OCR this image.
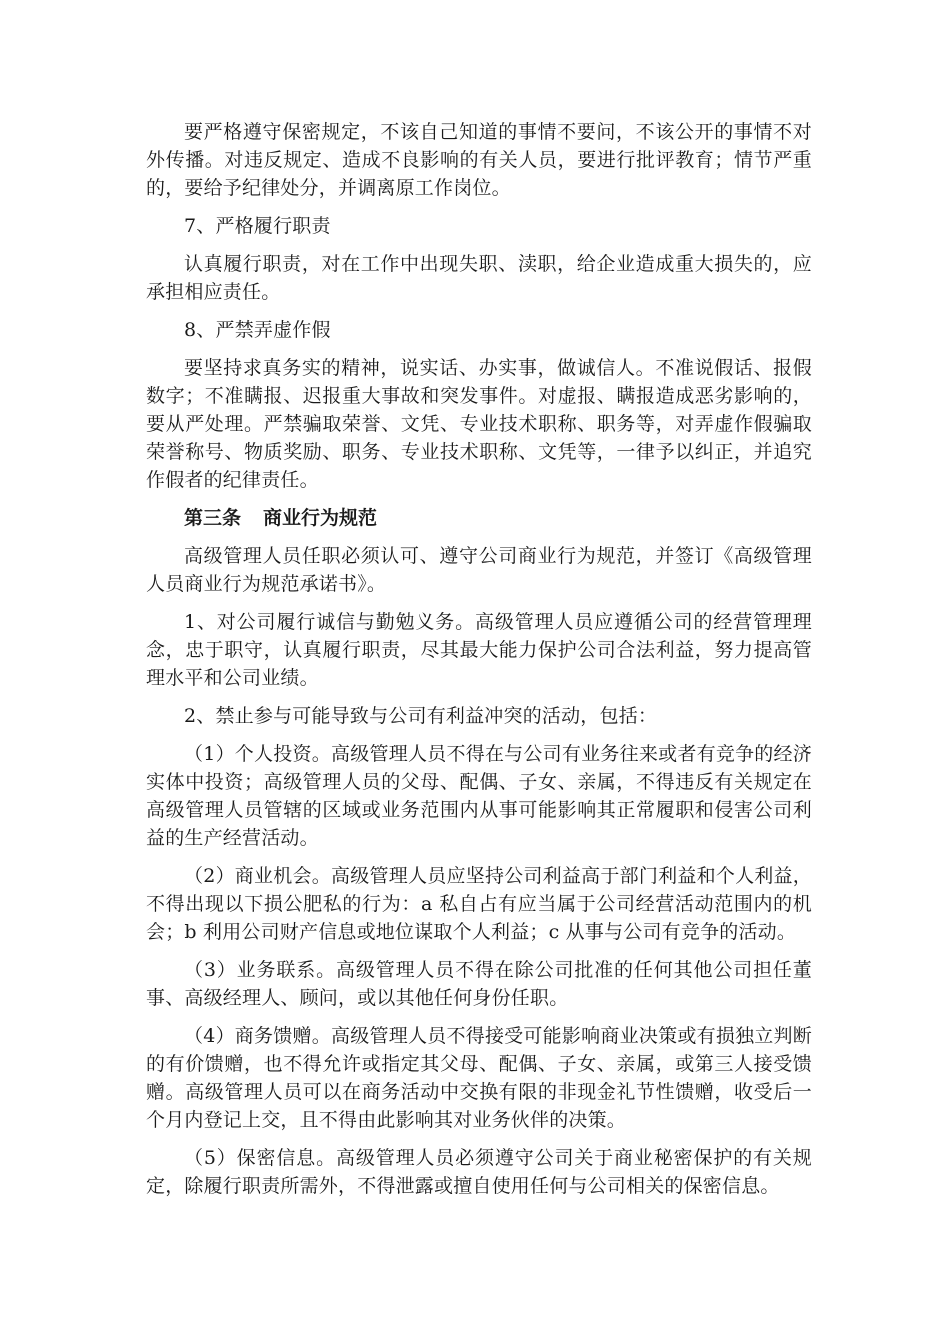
要严格遵守保密规定，不该自己知道的事情不要问，不该公开的事情不对外传播。对违反规定、造成不良影响的有关人员，要进行批评教育；情节严重的，要给予纪律处分，并调离原工作岗位。

7、严格履行职责

认真履行职责，对在工作中出现失职、渎职，给企业造成重大损失的，应承担相应责任。

8、严禁弄虚作假

要坚持求真务实的精神，说实话、办实事，做诚信人。不准说假话、报假数字；不准瞒报、迟报重大事故和突发事件。对虚报、瞒报造成恶劣影响的，要从严处理。严禁骗取荣誉、文凭、专业技术职称、职务等，对弄虚作假骗取荣誉称号、物质奖励、职务、专业技术职称、文凭等，一律予以纠正，并追究作假者的纪律责任。

第三条 商业行为规范

高级管理人员任职必须认可、遵守公司商业行为规范，并签订《高级管理人员商业行为规范承诺书》。

1、对公司履行诚信与勤勉义务。高级管理人员应遵循公司的经营管理理念，忠于职守，认真履行职责，尽其最大能力保护公司合法利益，努力提高管理水平和公司业绩。

2、禁止参与可能导致与公司有利益冲突的活动，包括：

（1）个人投资。高级管理人员不得在与公司有业务往来或者有竞争的经济实体中投资；高级管理人员的父母、配偶、子女、亲属，不得违反有关规定在高级管理人员管辖的区域或业务范围内从事可能影响其正常履职和侵害公司利益的生产经营活动。

（2）商业机会。高级管理人员应坚持公司利益高于部门利益和个人利益，不得出现以下损公肥私的行为：a 私自占有应当属于公司经营活动范围内的机会；b 利用公司财产信息或地位谋取个人利益；c 从事与公司有竞争的活动。

（3）业务联系。高级管理人员不得在除公司批准的任何其他公司担任董事、高级经理人、顾问，或以其他任何身份任职。

（4）商务馈赠。高级管理人员不得接受可能影响商业决策或有损独立判断的有价馈赠，也不得允许或指定其父母、配偶、子女、亲属，或第三人接受馈赠。高级管理人员可以在商务活动中交换有限的非现金礼节性馈赠，收受后一个月内登记上交，且不得由此影响其对业务伙伴的决策。

（5）保密信息。高级管理人员必须遵守公司关于商业秘密保护的有关规定，除履行职责所需外，不得泄露或擅自使用任何与公司相关的保密信息。
